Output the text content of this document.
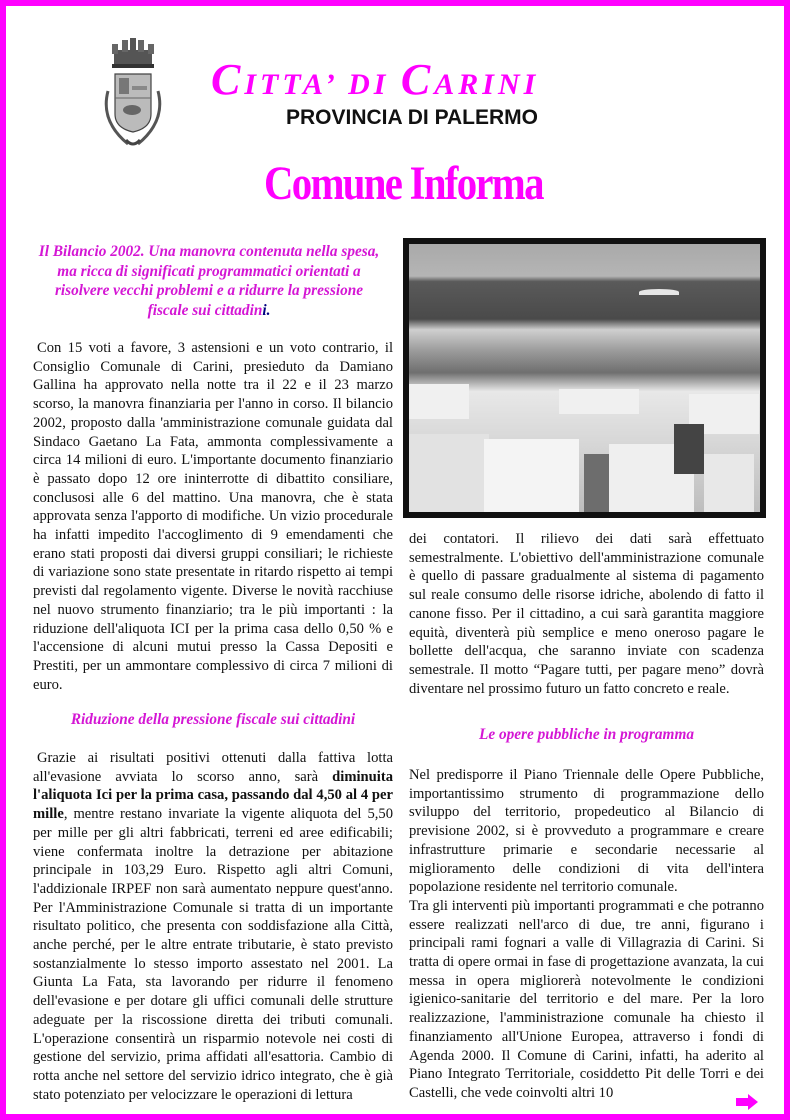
CITTA’ DI CARINI
PROVINCIA DI PALERMO
Comune Informa
Il Bilancio 2002. Una manovra contenuta nella spesa, ma ricca di significati programmatici orientati a risolvere vecchi problemi e a ridurre la pressione fiscale sui cittadini.

Con 15 voti a favore, 3 astensioni e un voto contrario, il Consiglio Comunale di Carini, presieduto da Damiano Gallina ha approvato nella notte tra il 22 e il 23 marzo scorso, la manovra finanziaria per l'anno in corso. Il bilancio 2002, proposto dalla 'amministrazione comunale guidata dal Sindaco Gaetano La Fata, ammonta complessivamente a circa 14 milioni di euro. L'importante documento finanziario è passato dopo 12 ore ininterrotte di dibattito consiliare, conclusosi alle 6 del mattino. Una manovra, che è stata approvata senza l'apporto di modifiche. Un vizio procedurale ha infatti impedito l'accoglimento di 9 emendamenti che erano stati proposti dai diversi gruppi consiliari; le richieste di variazione sono state presentate in ritardo rispetto ai tempi previsti dal regolamento vigente. Diverse le novità racchiuse nel nuovo strumento finanziario; tra le più importanti : la riduzione dell'aliquota ICI per la prima casa dello 0,50 % e l'accensione di alcuni mutui presso la Cassa Depositi e Prestiti, per un ammontare complessivo di circa 7 milioni di euro.

Riduzione della pressione fiscale sui cittadini

Grazie ai risultati positivi ottenuti dalla fattiva lotta all'evasione avviata lo scorso anno, sarà diminuita l'aliquota Ici per la prima casa, passando dal 4,50 al 4 per mille, mentre restano invariate la vigente aliquota del 5,50 per mille per gli altri fabbricati, terreni ed aree edificabili; viene confermata inoltre la detrazione per abitazione principale in 103,29 Euro. Rispetto agli altri Comuni, l'addizionale IRPEF non sarà aumentato neppure quest'anno. Per l'Amministrazione Comunale si tratta di un importante risultato politico, che presenta con soddisfazione alla Città, anche perché, per le altre entrate tributarie, è stato previsto sostanzialmente lo stesso importo assestato nel 2001. La Giunta La Fata, sta lavorando per ridurre il fenomeno dell'evasione e per dotare gli uffici comunali delle strutture adeguate per la riscossione diretta dei tributi comunali. L'operazione consentirà un risparmio notevole nei costi di gestione del servizio, prima affidati all'esattoria. Cambio di rotta anche nel settore del servizio idrico integrato, che è già stato potenziato per velocizzare le operazioni di lettura

dei contatori. Il rilievo dei dati sarà effettuato semestralmente. L'obiettivo dell'amministrazione comunale è quello di passare gradualmente al sistema di pagamento sul reale consumo delle risorse idriche, abolendo di fatto il canone fisso. Per il cittadino, a cui sarà garantita maggiore equità, diventerà più semplice e meno oneroso pagare le bollette dell'acqua, che saranno inviate con scadenza semestrale. Il motto “Pagare tutti, per pagare meno” dovrà diventare nel prossimo futuro un fatto concreto e reale.

Le opere pubbliche in programma

Nel predisporre il Piano Triennale delle Opere Pubbliche, importantissimo strumento di programmazione dello sviluppo del territorio, propedeutico al Bilancio di previsione 2002, si è provveduto a programmare e creare infrastrutture primarie e secondarie necessarie al miglioramento delle condizioni di vita dell'intera popolazione residente nel territorio comunale.

Tra gli interventi più importanti programmati e che potranno essere realizzati nell'arco di due, tre anni, figurano i principali rami fognari a valle di Villagrazia di Carini. Si tratta di opere ormai in fase di progettazione avanzata, la cui messa in opera migliorerà notevolmente le condizioni igienico-sanitarie del territorio e del mare. Per la loro realizzazione, l'amministrazione comunale ha chiesto il finanziamento all'Unione Europea, attraverso i fondi di Agenda 2000. Il Comune di Carini, infatti, ha aderito al Piano Integrato Territoriale, cosiddetto Pit delle Torri e dei Castelli, che vede coinvolti altri 10
